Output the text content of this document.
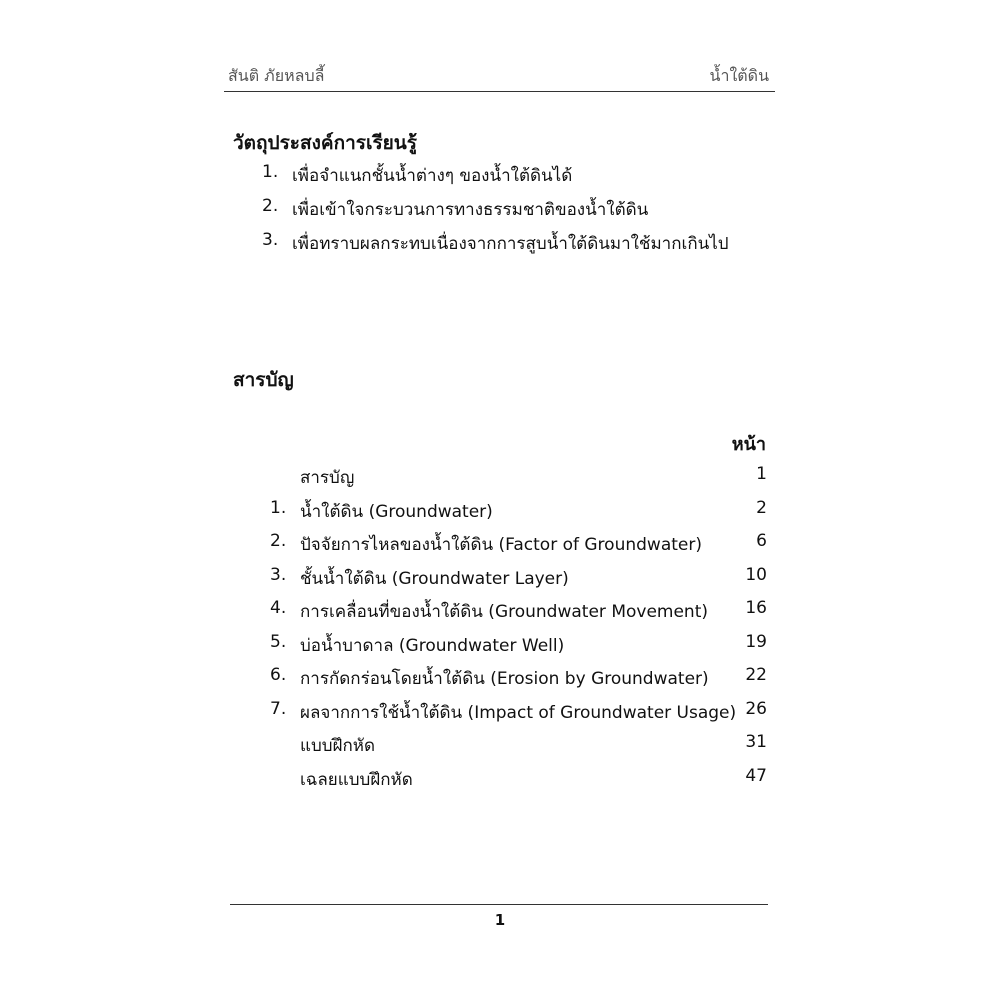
สันติ ภัยหลบลี้	น้ำใต้ดิน
วัตถุประสงค์การเรียนรู้
1. เพื่อจำแนกชั้นน้ำต่างๆ ของน้ำใต้ดินได้
2. เพื่อเข้าใจกระบวนการทางธรรมชาติของน้ำใต้ดิน
3. เพื่อทราบผลกระทบเนื่องจากการสูบน้ำใต้ดินมาใช้มากเกินไป
สารบัญ
หน้า
สารบัญ	1
1. น้ำใต้ดิน (Groundwater)	2
2. ปัจจัยการไหลของน้ำใต้ดิน (Factor of Groundwater)	6
3. ชั้นน้ำใต้ดิน (Groundwater Layer)	10
4. การเคลื่อนที่ของน้ำใต้ดิน (Groundwater Movement) 16
5. บ่อน้ำบาดาล (Groundwater Well)	19
6. การกัดกร่อนโดยน้ำใต้ดิน (Erosion by Groundwater) 22
7. ผลจากการใช้น้ำใต้ดิน (Impact of Groundwater Usage) 26
แบบฝึกหัด	31
เฉลยแบบฝึกหัด	47
1
